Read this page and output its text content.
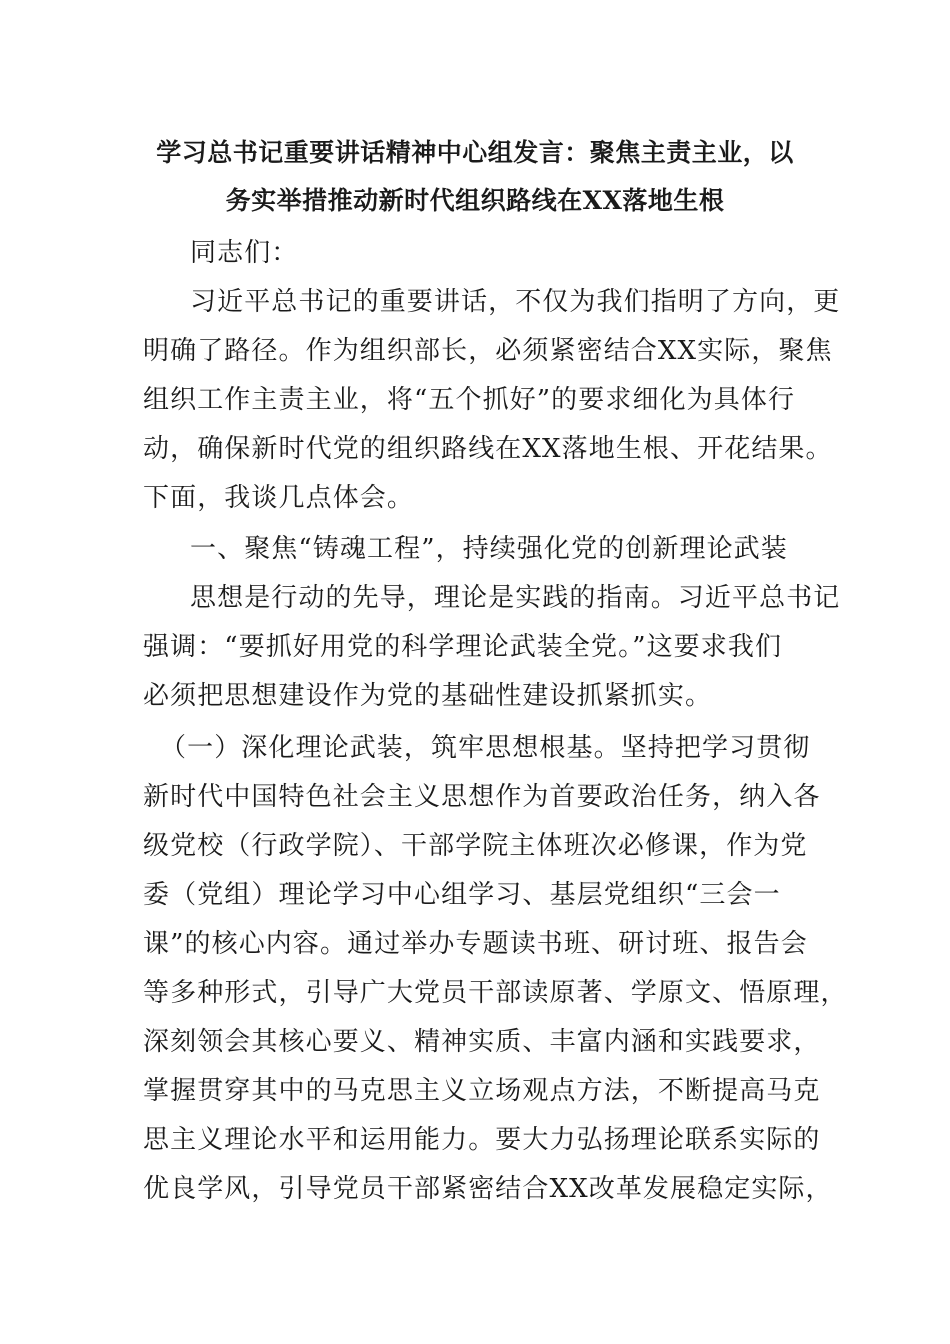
学习总书记重要讲话精神中心组发言：聚焦主责主业，以
务实举措推动新时代组织路线在XX落地生根
同志们：
习近平总书记的重要讲话，不仅为我们指明了方向，更
明确了路径。作为组织部长，必须紧密结合XX实际，聚焦
组织工作主责主业，将“五个抓好”的要求细化为具体行
动，确保新时代党的组织路线在XX落地生根、开花结果。
下面，我谈几点体会。
一、聚焦“铸魂工程”，持续强化党的创新理论武装
思想是行动的先导，理论是实践的指南。习近平总书记
强调：“要抓好用党的科学理论武装全党。”这要求我们
必须把思想建设作为党的基础性建设抓紧抓实。
（一）深化理论武装，筑牢思想根基。坚持把学习贯彻
新时代中国特色社会主义思想作为首要政治任务，纳入各
级党校（行政学院）、干部学院主体班次必修课，作为党
委（党组）理论学习中心组学习、基层党组织“三会一
课”的核心内容。通过举办专题读书班、研讨班、报告会
等多种形式，引导广大党员干部读原著、学原文、悟原理，
深刻领会其核心要义、精神实质、丰富内涵和实践要求，
掌握贯穿其中的马克思主义立场观点方法，不断提高马克
思主义理论水平和运用能力。要大力弘扬理论联系实际的
优良学风，引导党员干部紧密结合XX改革发展稳定实际，
